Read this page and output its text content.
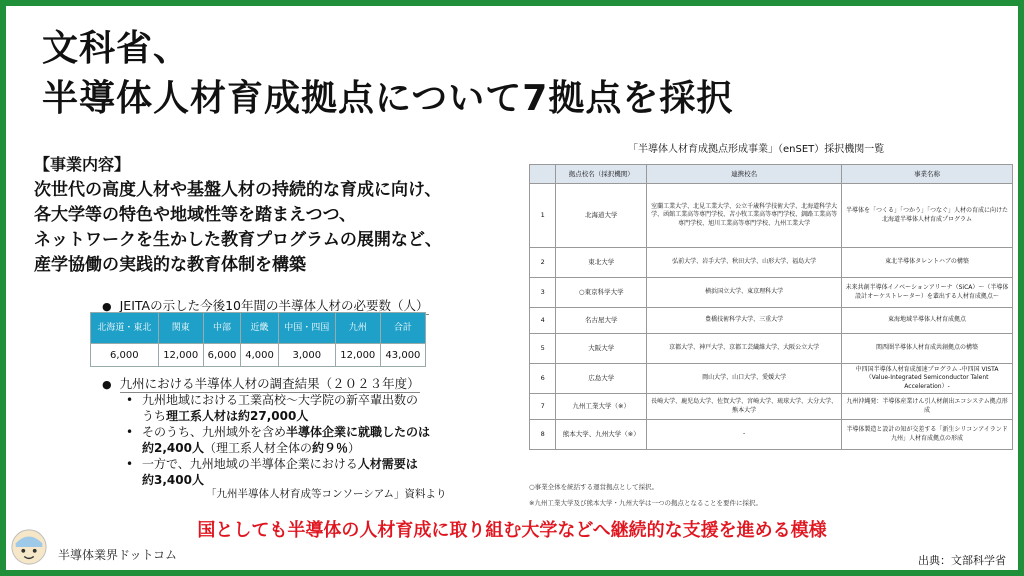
文科省、
半導体人材育成拠点について7拠点を採択
【事業内容】
次世代の高度人材や基盤人材の持続的な育成に向け、
各大学等の特色や地域性等を踏まえつつ、
ネットワークを生かした教育プログラムの展開など、
産学協働の実践的な教育体制を構築
● JEITAの示した今後10年間の半導体人材の必要数（人）
北海道・東北	関東	中部	近畿	中国・四国	九州	合計
6,000	12,000	6,000	4,000	3,000	12,000	43,000
● 九州における半導体人材の調査結果（２０２３年度）
• 九州地域における工業高校～大学院の新卒輩出数の
うち理工系人材は約27,000人
• そのうち、九州域外を含め半導体企業に就職したのは
約2,400人（理工系人材全体の約９％）
• 一方で、九州地域の半導体企業における人材需要は
約3,400人
「九州半導体人材育成等コンソーシアム」資料より
「半導体人材育成拠点形成事業」（enSET）採択機関一覧
	拠点校名（採択機関）	連携校名	事業名称
1	北海道大学	室蘭工業大学、北見工業大学、公立千歳科学技術大学、北海道科学大学、函館工業高等専門学校、苫小牧工業高等専門学校、釧路工業高等専門学校、旭川工業高等専門学校、九州工業大学	半導体を「つくる」「つかう」「つなぐ」人材の育成に向けた北海道半導体人材育成プログラム
2	東北大学	弘前大学、岩手大学、秋田大学、山形大学、福島大学	東北半導体タレントハブの構築
3	○東京科学大学	横浜国立大学、東京理科大学	未来共創半導体イノベーションアリーナ（SiCA）～（半導体設計オーケストレーター）を輩出する人材育成拠点～
4	名古屋大学	豊橋技術科学大学、三重大学	東海地域半導体人材育成拠点
5	大阪大学	京都大学、神戸大学、京都工芸繊維大学、大阪公立大学	関西圏半導体人材育成共創拠点の構築
6	広島大学	岡山大学、山口大学、愛媛大学	中四国半導体人材育成加速プログラム -中四国 VISTA（Value-Integrated Semiconductor Talent Acceleration）-
7	九州工業大学（※）	長崎大学、鹿児島大学、佐賀大学、宮崎大学、琉球大学、大分大学、熊本大学	九州沖縄発：半導体産業けん引人材創出エコシステム拠点形成
8	熊本大学、九州大学（※）	-	半導体製造と設計の知が交差する「新生シリコンアイランド九州」人材育成拠点の形成
○事業全体を統括する運営拠点として採択。
※九州工業大学及び熊本大学・九州大学は一つの拠点となることを要件に採択。
国としても半導体の人材育成に取り組む大学などへ継続的な支援を進める模様
半導体業界ドットコム	出典：文部科学省
